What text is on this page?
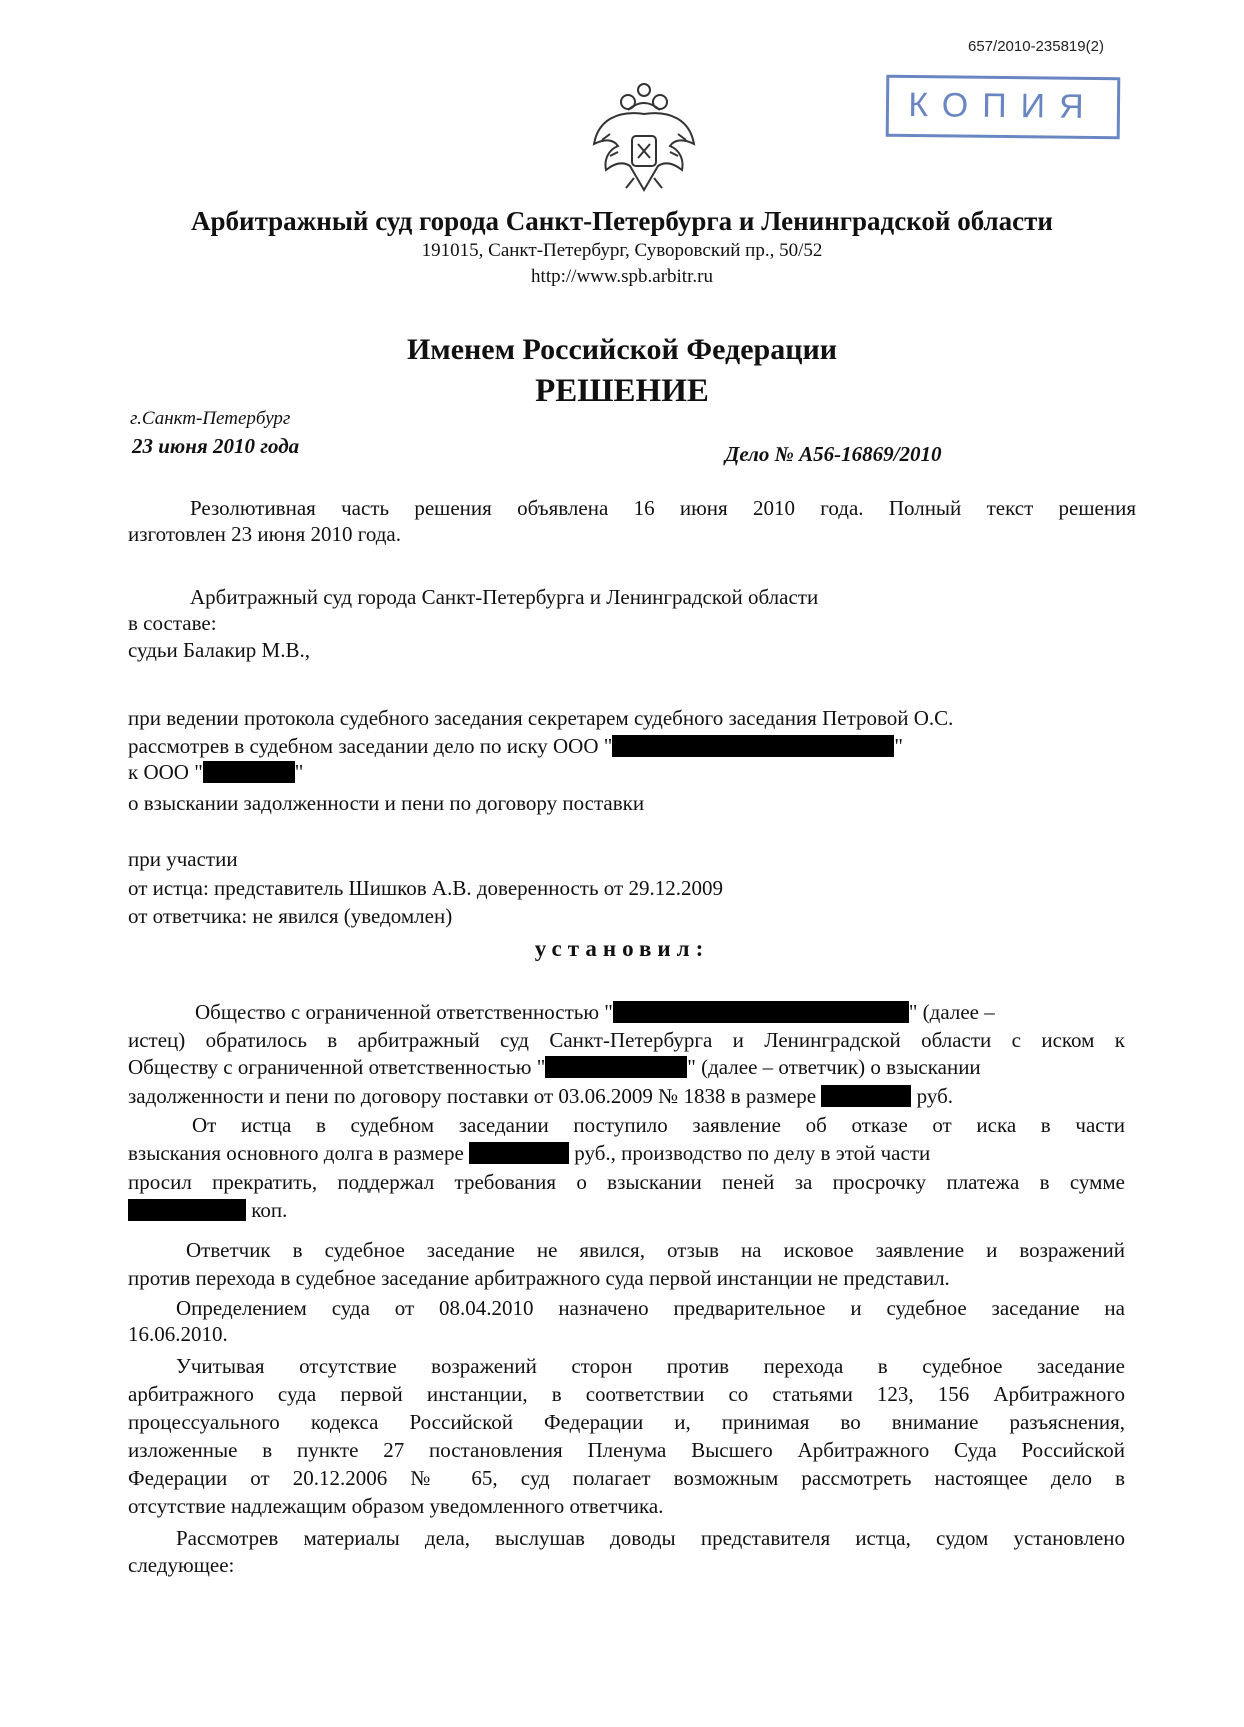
657/2010-235819(2)
КОПИЯ
Арбитражный суд города Санкт-Петербурга и Ленинградской области
191015, Санкт-Петербург, Суворовский пр., 50/52
http://www.spb.arbitr.ru
Именем Российской Федерации
РЕШЕНИЕ
г.Санкт-Петербург
23 июня 2010 года	Дело № А56-16869/2010
Резолютивная часть решения объявлена 16 июня 2010 года. Полный текст решения
изготовлен 23 июня 2010 года.
Арбитражный суд города Санкт-Петербурга и Ленинградской области
в составе:
судьи Балакир М.В.,
при ведении протокола судебного заседания секретарем судебного заседания Петровой О.С.
рассмотрев в судебном заседании дело по иску ООО "	"
к ООО "	"
о взыскании задолженности и пени по договору поставки
при участии
от истца: представитель Шишков А.В. доверенность от 29.12.2009
от ответчика: не явился (уведомлен)
установил:
Общество с ограниченной ответственностью "	" (далее –
истец) обратилось в арбитражный суд Санкт-Петербурга и Ленинградской области с иском к
Обществу с ограниченной ответственностью "	" (далее – ответчик) о взыскании
задолженности и пени по договору поставки от 03.06.2009 № 1838 в размере	руб.
От истца в судебном заседании поступило заявление об отказе от иска в части
взыскания основного долга в размере	руб., производство по делу в этой части
просил прекратить, поддержал требования о взыскании пеней за просрочку платежа в сумме
коп.
Ответчик в судебное заседание не явился, отзыв на исковое заявление и возражений
против перехода в судебное заседание арбитражного суда первой инстанции не представил.
Определением суда от 08.04.2010 назначено предварительное и судебное заседание на
16.06.2010.
Учитывая отсутствие возражений сторон против перехода в судебное заседание
арбитражного суда первой инстанции, в соответствии со статьями 123, 156 Арбитражного
процессуального кодекса Российской Федерации и, принимая во внимание разъяснения,
изложенные в пункте 27 постановления Пленума Высшего Арбитражного Суда Российской
Федерации от 20.12.2006 № 65, суд полагает возможным рассмотреть настоящее дело в
отсутствие надлежащим образом уведомленного ответчика.
Рассмотрев материалы дела, выслушав доводы представителя истца, судом установлено
следующее:
